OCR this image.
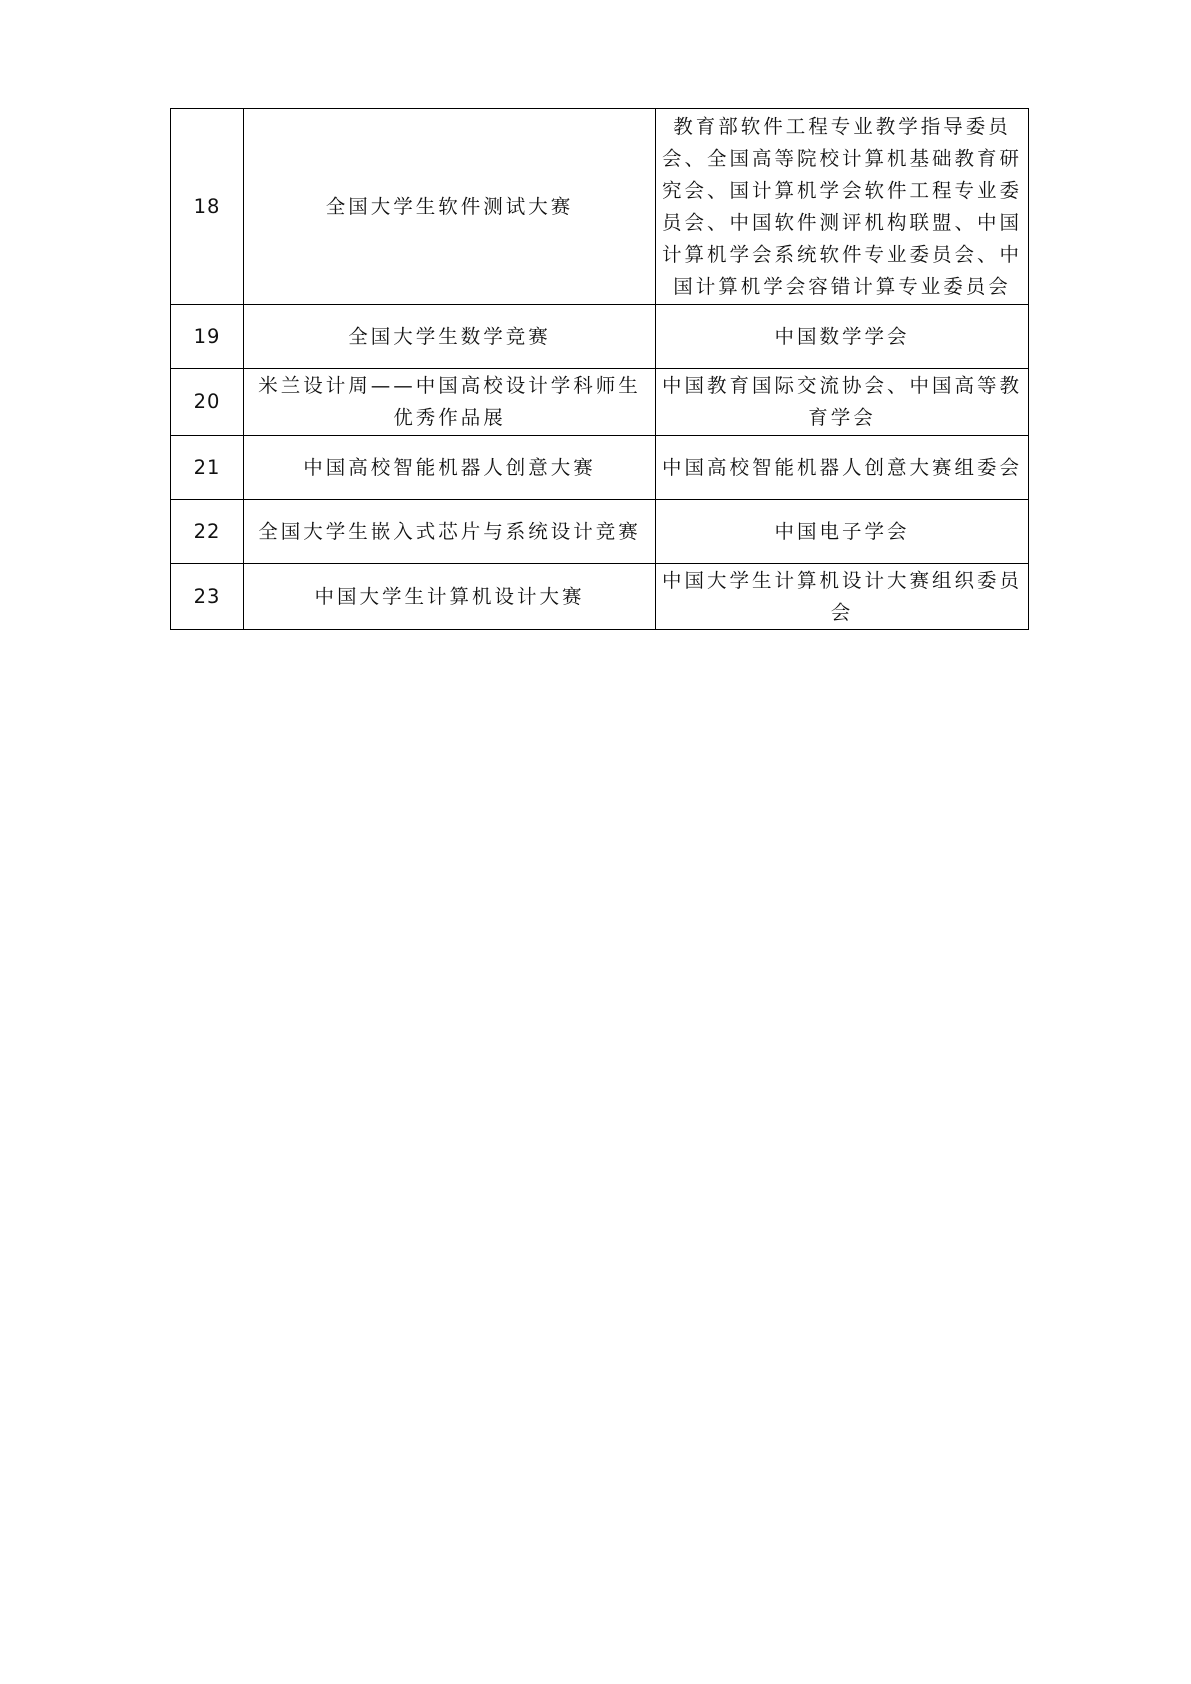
18	全国大学生软件测试大赛	教育部软件工程专业教学指导委员会、全国高等院校计算机基础教育研究会、国计算机学会软件工程专业委员会、中国软件测评机构联盟、中国计算机学会系统软件专业委员会、中国计算机学会容错计算专业委员会
19	全国大学生数学竞赛	中国数学学会
20	米兰设计周——中国高校设计学科师生优秀作品展	中国教育国际交流协会、中国高等教育学会
21	中国高校智能机器人创意大赛	中国高校智能机器人创意大赛组委会
22	全国大学生嵌入式芯片与系统设计竞赛	中国电子学会
23	中国大学生计算机设计大赛	中国大学生计算机设计大赛组织委员会
